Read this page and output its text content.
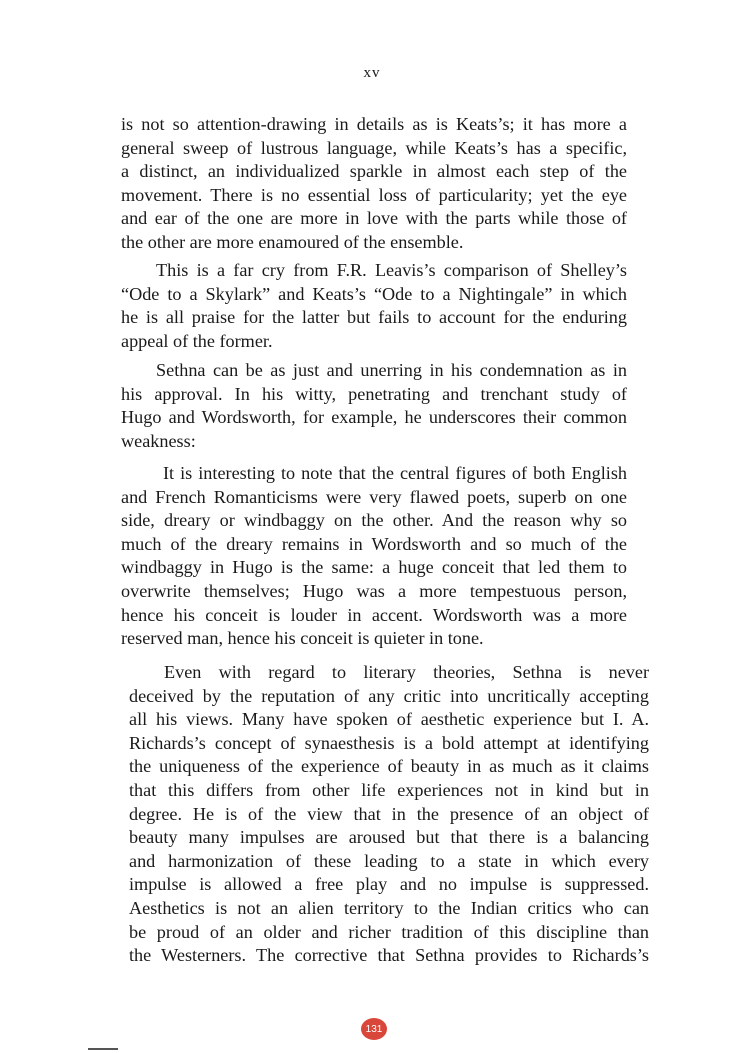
xv
is not so attention-drawing in details as is Keats’s; it has more a
general sweep of lustrous language, while Keats’s has a specific,
a distinct, an individualized sparkle in almost each step of the
movement. There is no essential loss of particularity; yet the eye
and ear of the one are more in love with the parts while those of
the other are more enamoured of the ensemble.
This is a far cry from F.R. Leavis’s comparison of Shelley’s
“Ode to a Skylark” and Keats’s “Ode to a Nightingale” in which
he is all praise for the latter but fails to account for the enduring
appeal of the former.
Sethna can be as just and unerring in his condemnation as in
his approval. In his witty, penetrating and trenchant study of
Hugo and Wordsworth, for example, he underscores their common
weakness:
It is interesting to note that the central figures of both English
and French Romanticisms were very flawed poets, superb on one
side, dreary or windbaggy on the other. And the reason why so
much of the dreary remains in Wordsworth and so much of the
windbaggy in Hugo is the same: a huge conceit that led them to
overwrite themselves; Hugo was a more tempestuous person,
hence his conceit is louder in accent. Wordsworth was a more
reserved man, hence his conceit is quieter in tone.
Even with regard to literary theories, Sethna is never
deceived by the reputation of any critic into uncritically accepting
all his views. Many have spoken of aesthetic experience but I. A.
Richards’s concept of synaesthesis is a bold attempt at identifying
the uniqueness of the experience of beauty in as much as it claims
that this differs from other life experiences not in kind but in
degree. He is of the view that in the presence of an object of
beauty many impulses are aroused but that there is a balancing
and harmonization of these leading to a state in which every
impulse is allowed a free play and no impulse is suppressed.
Aesthetics is not an alien territory to the Indian critics who can
be proud of an older and richer tradition of this discipline than
the Westerners. The corrective that Sethna provides to Richards’s
131
